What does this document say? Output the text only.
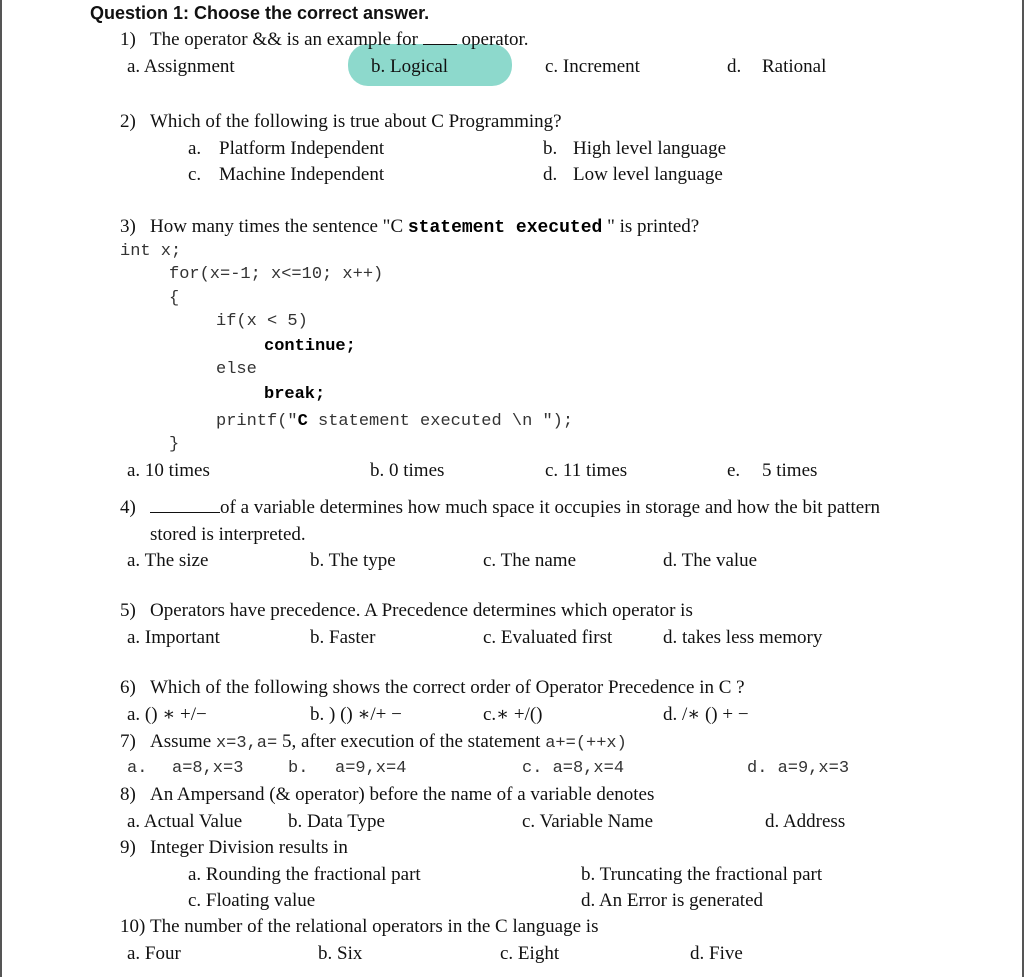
Question 1: Choose the correct answer.
1) The operator && is an example for operator.
a. Assignment	b. Logical	c. Increment	d. Rational
2) Which of the following is true about C Programming?
a. Platform Independent	b. High level language
c. Machine Independent	d. Low level language
3) How many times the sentence "C statement executed " is printed?
int x;
for(x=-1; x<=10; x++)
{
if(x < 5)
continue;
else
break;
printf("C statement executed \n ");
}
a. 10 times	b. 0 times	c. 11 times	e. 5 times
4)	of a variable determines how much space it occupies in storage and how the bit pattern
stored is interpreted.
a. The size	b. The type	c. The name	d. The value
5) Operators have precedence. A Precedence determines which operator is
a. Important	b. Faster	c. Evaluated first	d. takes less memory
6) Which of the following shows the correct order of Operator Precedence in C ?
a. () ∗ +/−	b. ) () ∗/+ −	c.∗ +/()	d. /∗ () + −
7) Assume x=3,a= 5, after execution of the statement a+=(++x)
a. a=8,x=3	b. a=9,x=4	c. a=8,x=4	d. a=9,x=3
8) An Ampersand (& operator) before the name of a variable denotes
a. Actual Value b. Data Type	c. Variable Name	d. Address
9) Integer Division results in
a. Rounding the fractional part	b. Truncating the fractional part
c. Floating value	d. An Error is generated
10) The number of the relational operators in the C language is
a. Four	b. Six	c. Eight	d. Five
